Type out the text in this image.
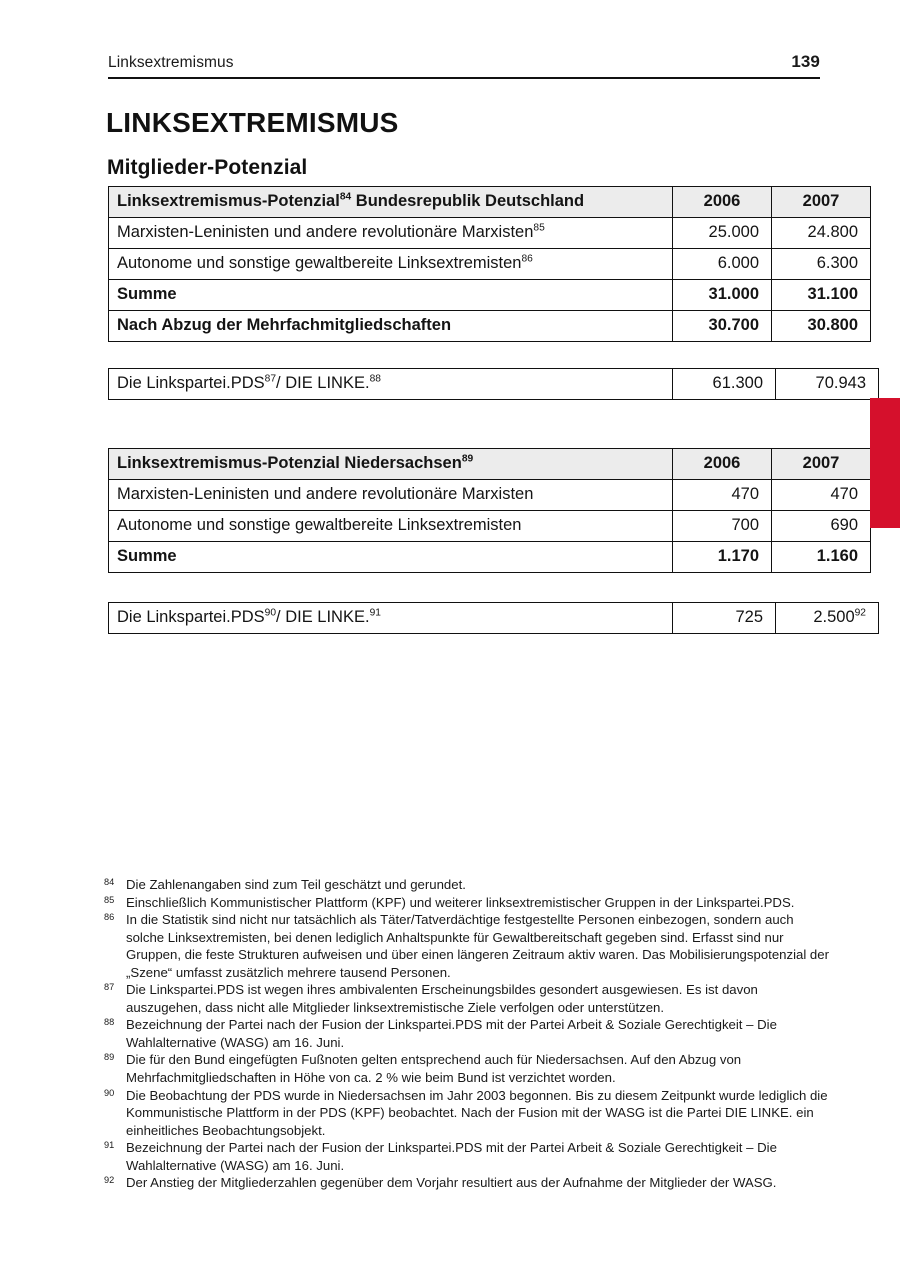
Linksextremismus	139
LINKSEXTREMISMUS
Mitglieder-Potenzial
Linksextremismus-Potenzial$^{84}$ Bundesrepublik Deutschland	2006	2007
Marxisten-Leninisten und andere revolutionäre Marxisten$^{85}$	25.000	24.800
Autonome und sonstige gewaltbereite Linksextremisten$^{86}$	6.000	6.300
Summe	31.000	31.100
Nach Abzug der Mehrfachmitgliedschaften	30.700	30.800
Die Linkspartei.PDS$^{87}$/ DIE LINKE.$^{88}$	61.300	70.943
Linksextremismus-Potenzial Niedersachsen$^{89}$	2006	2007
Marxisten-Leninisten und andere revolutionäre Marxisten	470	470
Autonome und sonstige gewaltbereite Linksextremisten	700	690
Summe	1.170	1.160
Die Linkspartei.PDS$^{90}$/ DIE LINKE.$^{91}$	725	2.500$^{92}$
84 Die Zahlenangaben sind zum Teil geschätzt und gerundet.
85 Einschließlich Kommunistischer Plattform (KPF) und weiterer linksextremistischer Gruppen in der Linkspartei.PDS.
86 In die Statistik sind nicht nur tatsächlich als Täter/Tatverdächtige festgestellte Personen einbezogen, sondern auch solche Linksextremisten, bei denen lediglich Anhaltspunkte für Gewaltbereitschaft gegeben sind. Erfasst sind nur Gruppen, die feste Strukturen aufweisen und über einen längeren Zeitraum aktiv waren. Das Mobilisierungspotenzial der „Szene“ umfasst zusätzlich mehrere tausend Personen.
87 Die Linkspartei.PDS ist wegen ihres ambivalenten Erscheinungsbildes gesondert ausgewiesen. Es ist davon auszugehen, dass nicht alle Mitglieder linksextremistische Ziele verfolgen oder unterstützen.
88 Bezeichnung der Partei nach der Fusion der Linkspartei.PDS mit der Partei Arbeit & Soziale Gerechtigkeit – Die Wahlalternative (WASG) am 16. Juni.
89 Die für den Bund eingefügten Fußnoten gelten entsprechend auch für Niedersachsen. Auf den Abzug von Mehrfachmitgliedschaften in Höhe von ca. 2 % wie beim Bund ist verzichtet worden.
90 Die Beobachtung der PDS wurde in Niedersachsen im Jahr 2003 begonnen. Bis zu diesem Zeitpunkt wurde lediglich die Kommunistische Plattform in der PDS (KPF) beobachtet. Nach der Fusion mit der WASG ist die Partei DIE LINKE. ein einheitliches Beobachtungsobjekt.
91 Bezeichnung der Partei nach der Fusion der Linkspartei.PDS mit der Partei Arbeit & Soziale Gerechtigkeit – Die Wahlalternative (WASG) am 16. Juni.
92 Der Anstieg der Mitgliederzahlen gegenüber dem Vorjahr resultiert aus der Aufnahme der Mitglieder der WASG.
